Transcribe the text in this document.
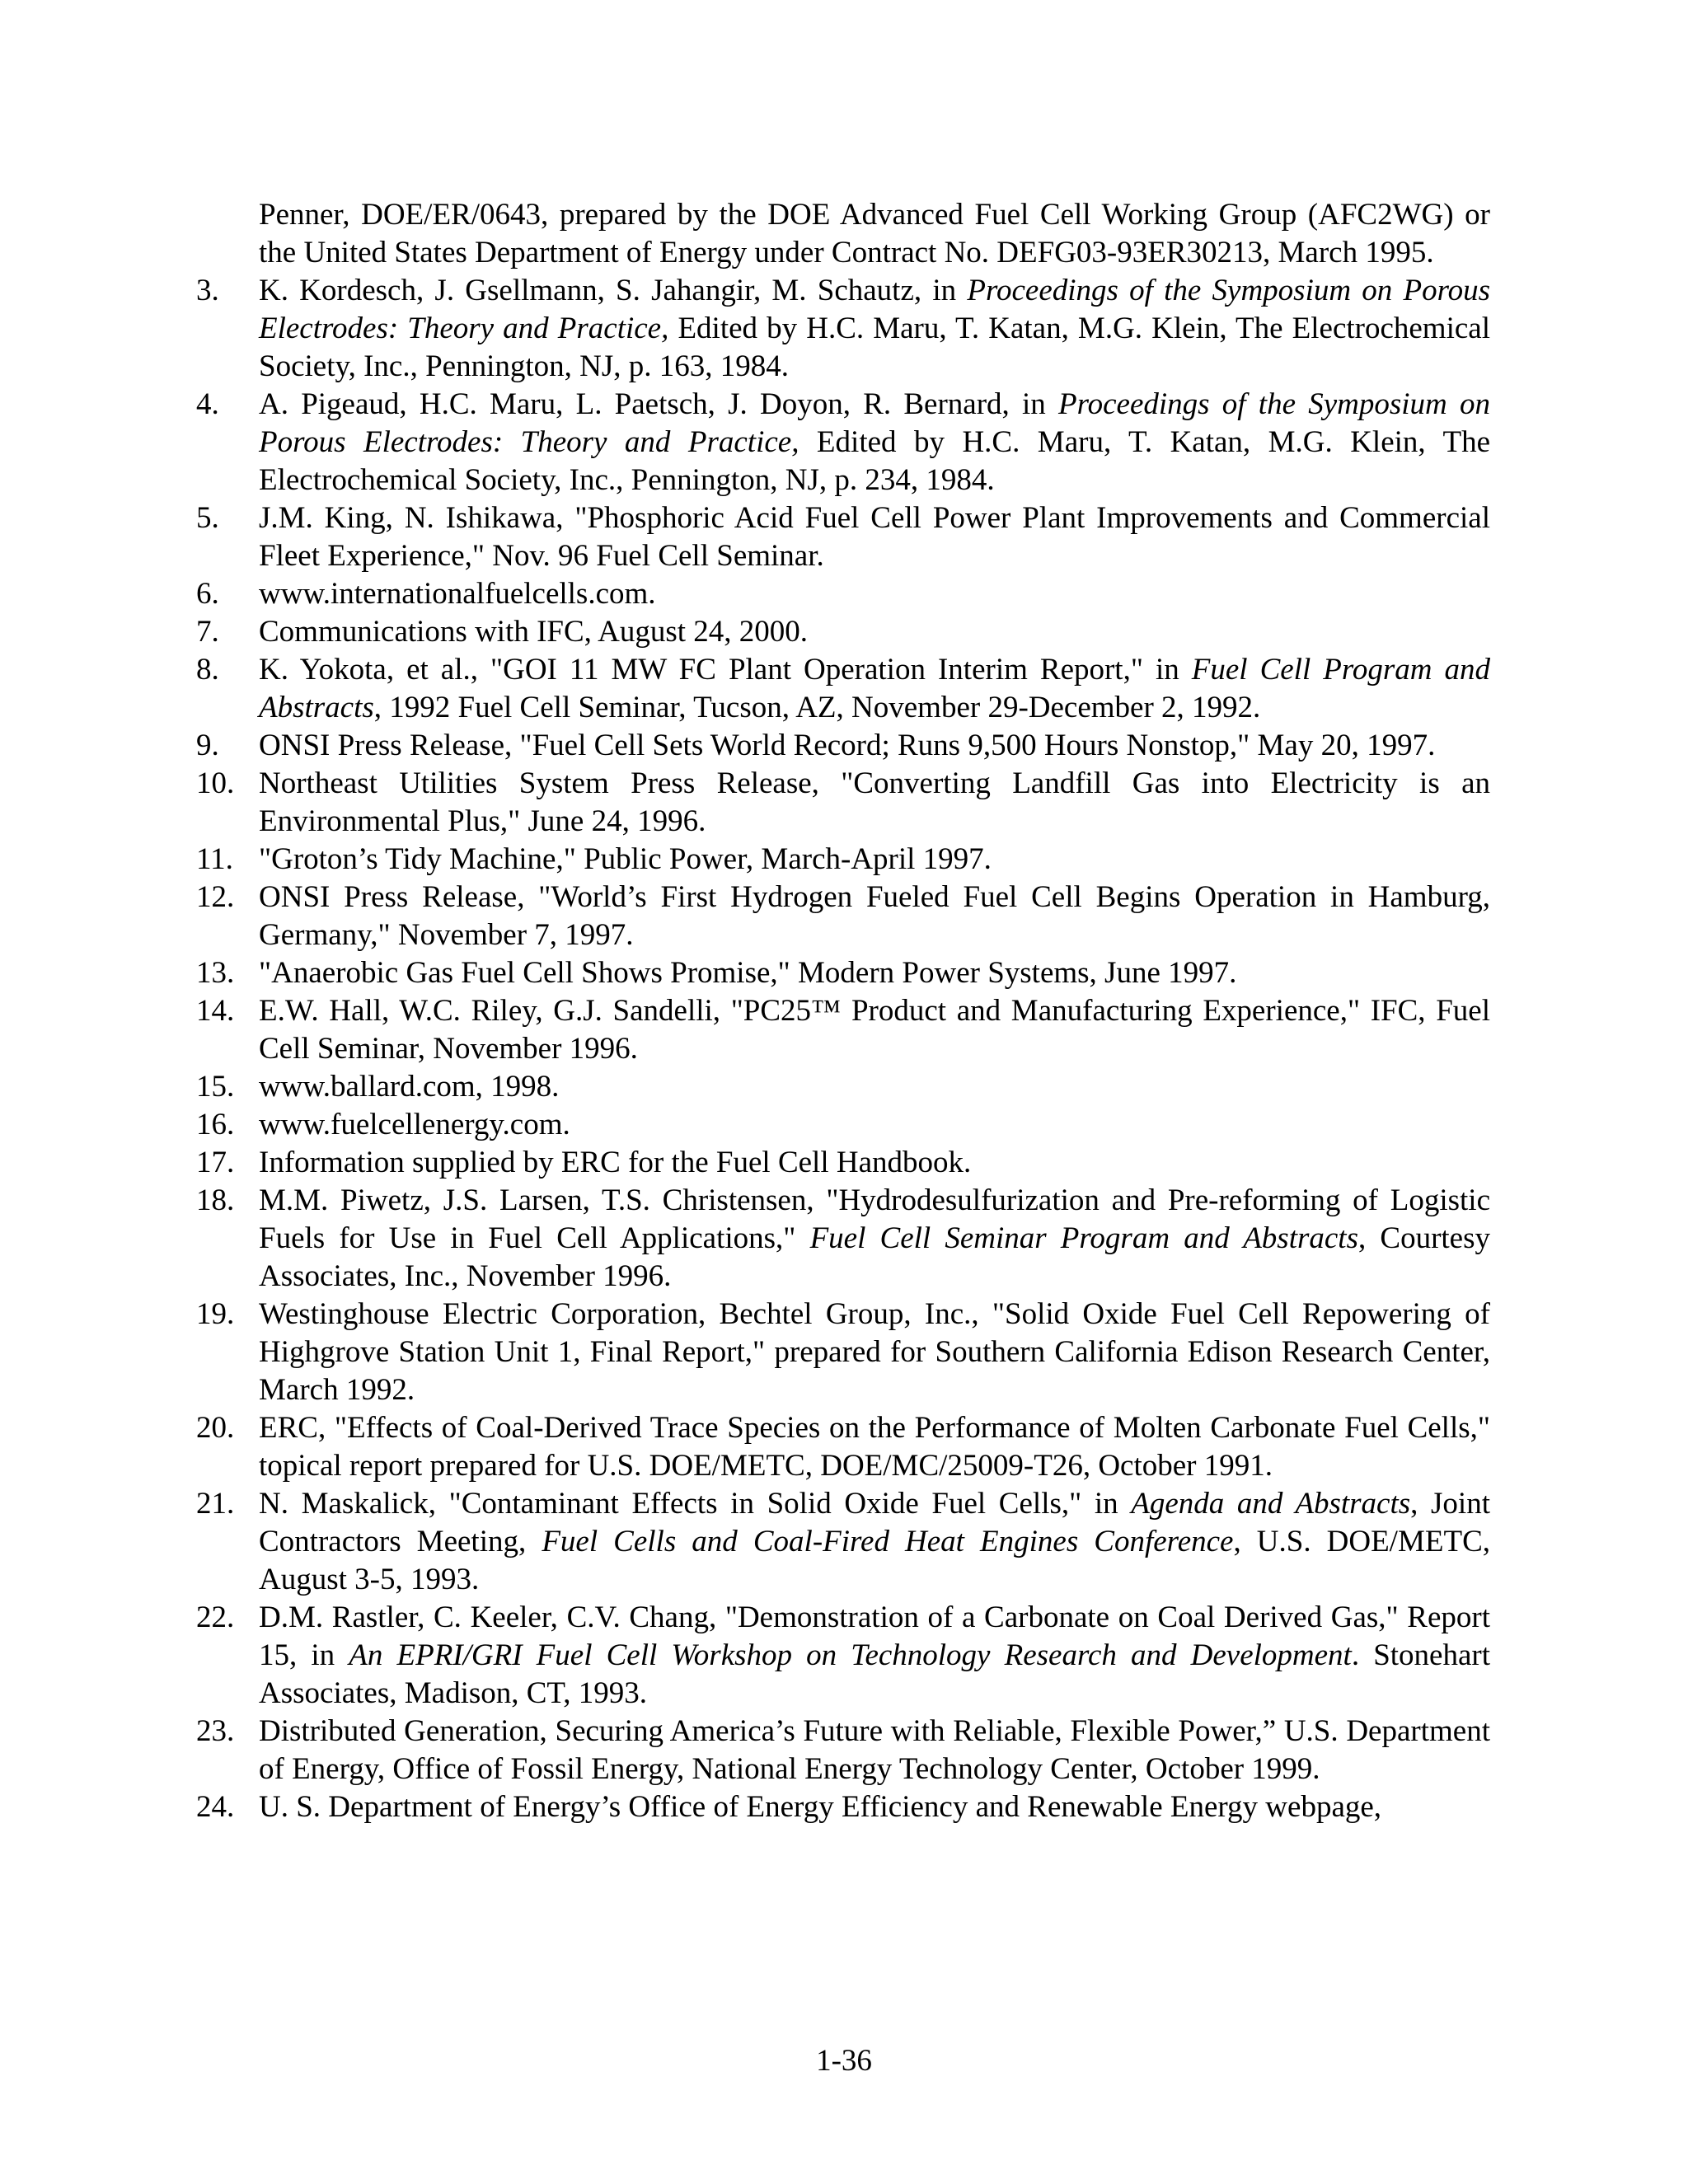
Penner, DOE/ER/0643, prepared by the DOE Advanced Fuel Cell Working Group (AFC2WG) or the United States Department of Energy under Contract No. DEFG03-93ER30213, March 1995.

3.	K. Kordesch, J. Gsellmann, S. Jahangir, M. Schautz, in Proceedings of the Symposium on Porous Electrodes: Theory and Practice, Edited by H.C. Maru, T. Katan, M.G. Klein, The Electrochemical Society, Inc., Pennington, NJ, p. 163, 1984.

4.	A. Pigeaud, H.C. Maru, L. Paetsch, J. Doyon, R. Bernard, in Proceedings of the Symposium on Porous Electrodes: Theory and Practice, Edited by H.C. Maru, T. Katan, M.G. Klein, The Electrochemical Society, Inc., Pennington, NJ, p. 234, 1984.

5.	J.M. King, N. Ishikawa, "Phosphoric Acid Fuel Cell Power Plant Improvements and Commercial Fleet Experience," Nov. 96 Fuel Cell Seminar.

6.	www.internationalfuelcells.com.

7.	Communications with IFC, August 24, 2000.

8.	K. Yokota, et al., "GOI 11 MW FC Plant Operation Interim Report," in Fuel Cell Program and Abstracts, 1992 Fuel Cell Seminar, Tucson, AZ, November 29-December 2, 1992.

9.	ONSI Press Release, "Fuel Cell Sets World Record; Runs 9,500 Hours Nonstop," May 20, 1997.

10. Northeast Utilities System Press Release, "Converting Landfill Gas into Electricity is an Environmental Plus," June 24, 1996.

11. "Groton’s Tidy Machine," Public Power, March-April 1997.

12. ONSI Press Release, "World’s First Hydrogen Fueled Fuel Cell Begins Operation in Hamburg, Germany," November 7, 1997.

13. "Anaerobic Gas Fuel Cell Shows Promise," Modern Power Systems, June 1997.

14. E.W. Hall, W.C. Riley, G.J. Sandelli, "PC25™ Product and Manufacturing Experience," IFC, Fuel Cell Seminar, November 1996.

15. www.ballard.com, 1998.

16. www.fuelcellenergy.com.

17. Information supplied by ERC for the Fuel Cell Handbook.

18. M.M. Piwetz, J.S. Larsen, T.S. Christensen, "Hydrodesulfurization and Pre-reforming of Logistic Fuels for Use in Fuel Cell Applications," Fuel Cell Seminar Program and Abstracts, Courtesy Associates, Inc., November 1996.

19. Westinghouse Electric Corporation, Bechtel Group, Inc., "Solid Oxide Fuel Cell Repowering of Highgrove Station Unit 1, Final Report," prepared for Southern California Edison Research Center, March 1992.

20. ERC, "Effects of Coal-Derived Trace Species on the Performance of Molten Carbonate Fuel Cells," topical report prepared for U.S. DOE/METC, DOE/MC/25009-T26, October 1991.

21. N. Maskalick, "Contaminant Effects in Solid Oxide Fuel Cells," in Agenda and Abstracts, Joint Contractors Meeting, Fuel Cells and Coal-Fired Heat Engines Conference, U.S. DOE/METC, August 3-5, 1993.

22. D.M. Rastler, C. Keeler, C.V. Chang, "Demonstration of a Carbonate on Coal Derived Gas," Report 15, in An EPRI/GRI Fuel Cell Workshop on Technology Research and Development. Stonehart Associates, Madison, CT, 1993.

23. Distributed Generation, Securing America’s Future with Reliable, Flexible Power,” U.S. Department of Energy, Office of Fossil Energy, National Energy Technology Center, October 1999.

24. U. S. Department of Energy’s Office of Energy Efficiency and Renewable Energy webpage,

1-36
